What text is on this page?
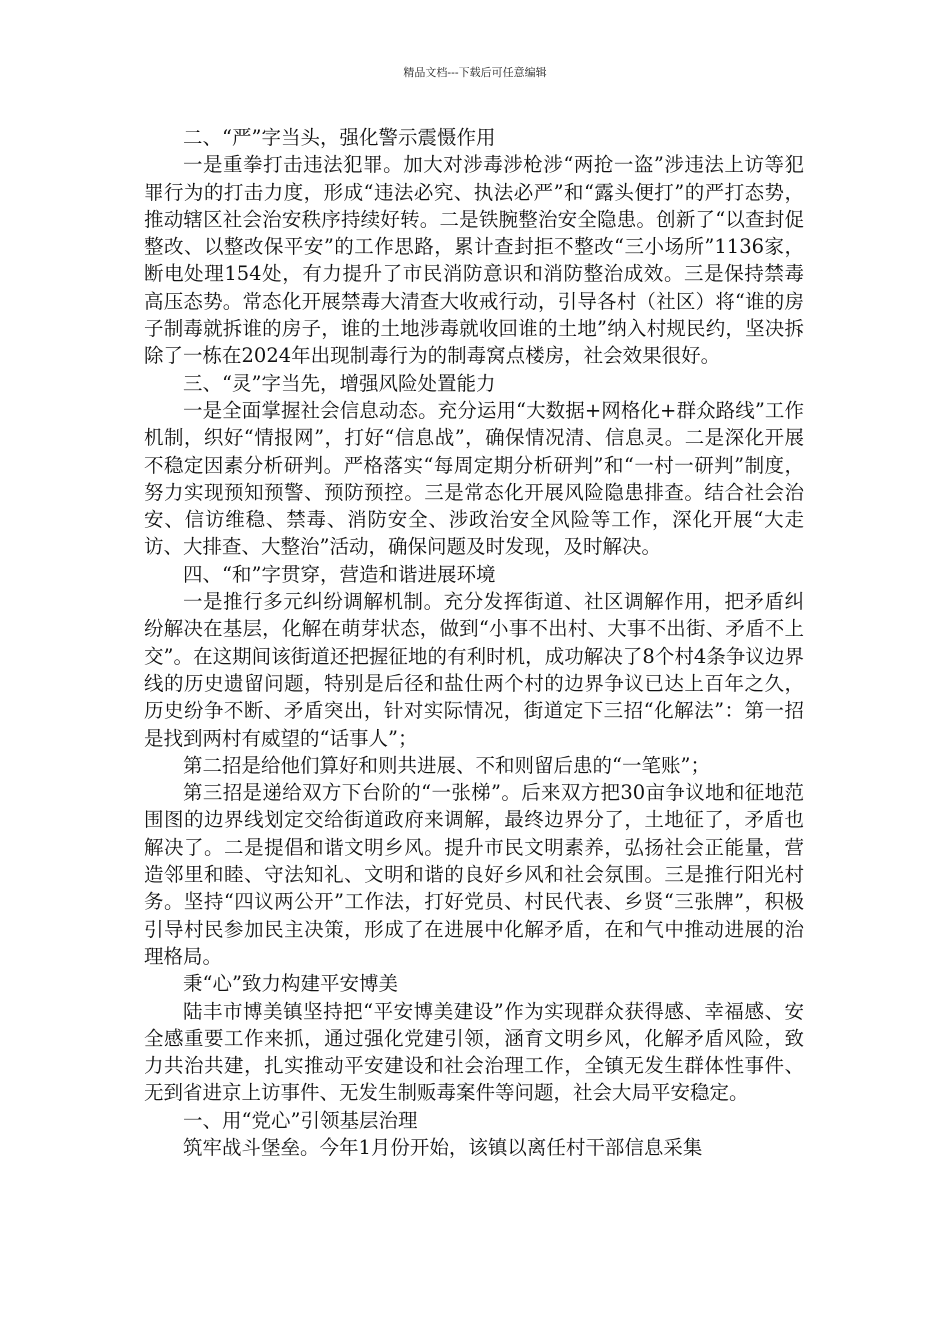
精品文档---下载后可任意编辑

二、“严”字当头，强化警示震慑作用

一是重拳打击违法犯罪。加大对涉毒涉枪涉“两抢一盗”涉违法上访等犯罪行为的打击力度，形成“违法必究、执法必严”和“露头便打”的严打态势，推动辖区社会治安秩序持续好转。二是铁腕整治安全隐患。创新了“以查封促整改、以整改保平安”的工作思路，累计查封拒不整改“三小场所”1136家，断电处理154处，有力提升了市民消防意识和消防整治成效。三是保持禁毒高压态势。常态化开展禁毒大清查大收戒行动，引导各村（社区）将“谁的房子制毒就拆谁的房子，谁的土地涉毒就收回谁的土地”纳入村规民约，坚决拆除了一栋在2024年出现制毒行为的制毒窝点楼房，社会效果很好。

三、“灵”字当先，增强风险处置能力

一是全面掌握社会信息动态。充分运用“大数据+网格化+群众路线”工作机制，织好“情报网”，打好“信息战”，确保情况清、信息灵。二是深化开展不稳定因素分析研判。严格落实“每周定期分析研判”和“一村一研判”制度，努力实现预知预警、预防预控。三是常态化开展风险隐患排查。结合社会治安、信访维稳、禁毒、消防安全、涉政治安全风险等工作，深化开展“大走访、大排查、大整治”活动，确保问题及时发现，及时解决。

四、“和”字贯穿，营造和谐进展环境

一是推行多元纠纷调解机制。充分发挥街道、社区调解作用，把矛盾纠纷解决在基层，化解在萌芽状态，做到“小事不出村、大事不出街、矛盾不上交”。在这期间该街道还把握征地的有利时机，成功解决了8个村4条争议边界线的历史遗留问题，特别是后径和盐仕两个村的边界争议已达上百年之久，历史纷争不断、矛盾突出，针对实际情况，街道定下三招“化解法”：第一招是找到两村有威望的“话事人”；

第二招是给他们算好和则共进展、不和则留后患的“一笔账”；

第三招是递给双方下台阶的“一张梯”。后来双方把30亩争议地和征地范围图的边界线划定交给街道政府来调解，最终边界分了，土地征了，矛盾也解决了。二是提倡和谐文明乡风。提升市民文明素养，弘扬社会正能量，营造邻里和睦、守法知礼、文明和谐的良好乡风和社会氛围。三是推行阳光村务。坚持“四议两公开”工作法，打好党员、村民代表、乡贤“三张牌”，积极引导村民参加民主决策，形成了在进展中化解矛盾，在和气中推动进展的治理格局。

秉“心”致力构建平安博美

陆丰市博美镇坚持把“平安博美建设”作为实现群众获得感、幸福感、安全感重要工作来抓，通过强化党建引领，涵育文明乡风，化解矛盾风险，致力共治共建，扎实推动平安建设和社会治理工作，全镇无发生群体性事件、无到省进京上访事件、无发生制贩毒案件等问题，社会大局平安稳定。

一、用“党心”引领基层治理

筑牢战斗堡垒。今年1月份开始，该镇以离任村干部信息采集
